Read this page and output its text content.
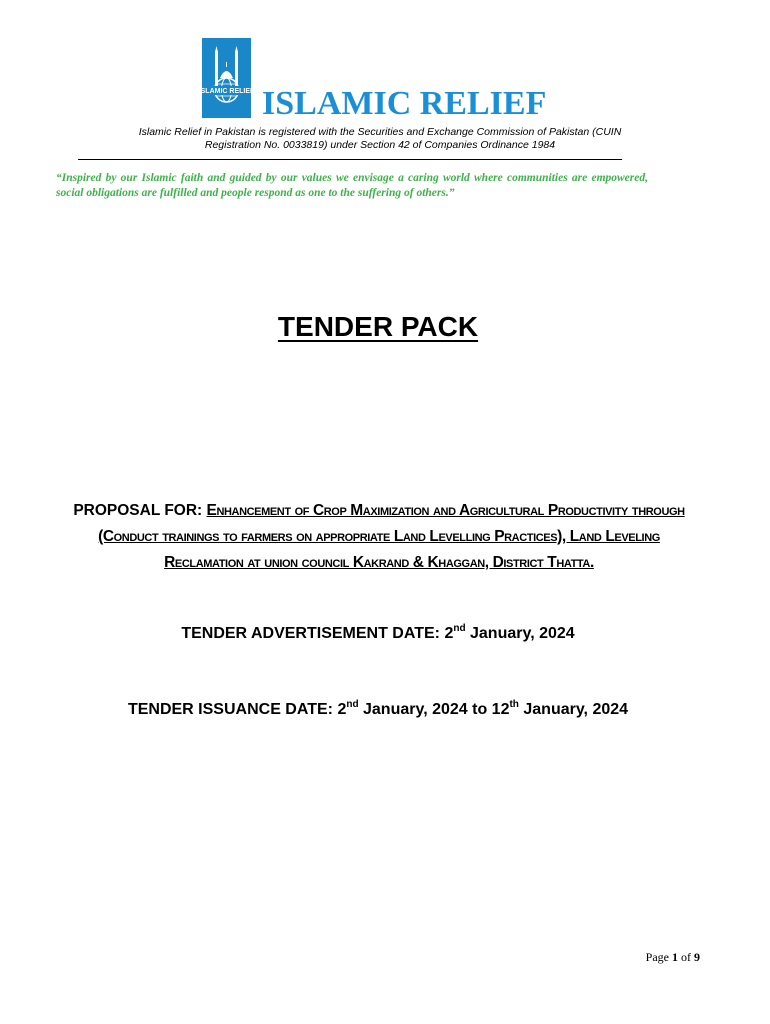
ISLAMIC RELIEF ISLAMIC RELIEF
Islamic Relief in Pakistan is registered with the Securities and Exchange Commission of Pakistan (CUIN Registration No. 0033819) under Section 42 of Companies Ordinance 1984
“Inspired by our Islamic faith and guided by our values we envisage a caring world where communities are empowered, social obligations are fulfilled and people respond as one to the suffering of others.”
TENDER PACK
PROPOSAL FOR: Enhancement of Crop Maximization and Agricultural Productivity through (Conduct trainings to farmers on appropriate Land Levelling Practices), Land Leveling Reclamation at union council Kakrand & Khaggan, District Thatta.
TENDER ADVERTISEMENT DATE: 2nd January, 2024
TENDER ISSUANCE DATE: 2nd January, 2024 to 12th January, 2024
Page 1 of 9
